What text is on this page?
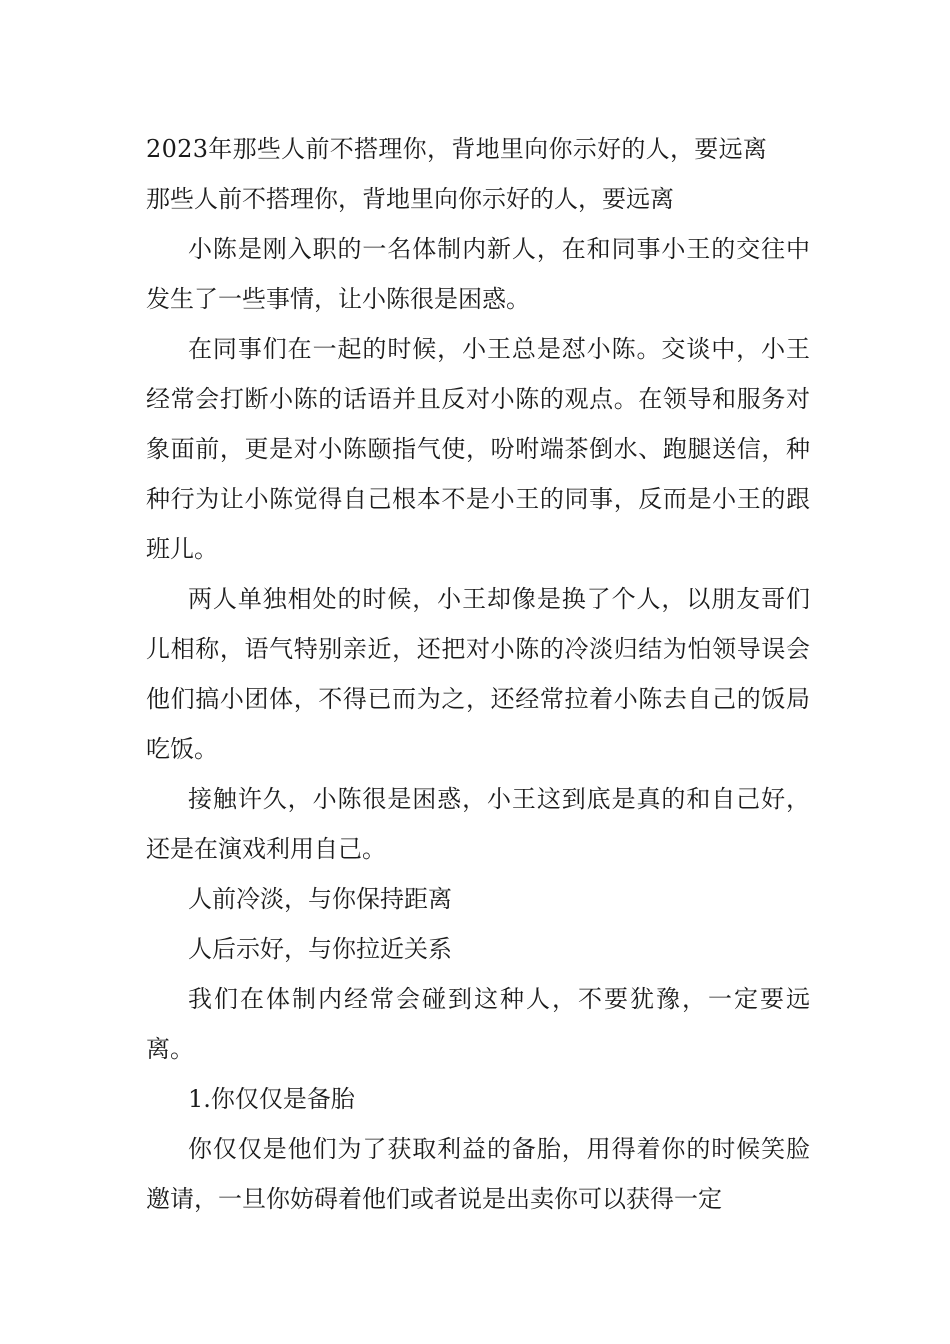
2023年那些人前不搭理你，背地里向你示好的人，要远离

那些人前不搭理你，背地里向你示好的人，要远离

小陈是刚入职的一名体制内新人，在和同事小王的交往中发生了一些事情，让小陈很是困惑。

在同事们在一起的时候，小王总是怼小陈。交谈中，小王经常会打断小陈的话语并且反对小陈的观点。在领导和服务对象面前，更是对小陈颐指气使，吩咐端茶倒水、跑腿送信，种种行为让小陈觉得自己根本不是小王的同事，反而是小王的跟班儿。

两人单独相处的时候，小王却像是换了个人，以朋友哥们儿相称，语气特别亲近，还把对小陈的冷淡归结为怕领导误会他们搞小团体，不得已而为之，还经常拉着小陈去自己的饭局吃饭。

接触许久，小陈很是困惑，小王这到底是真的和自己好，还是在演戏利用自己。

人前冷淡，与你保持距离

人后示好，与你拉近关系

我们在体制内经常会碰到这种人，不要犹豫，一定要远离。

1.你仅仅是备胎

你仅仅是他们为了获取利益的备胎，用得着你的时候笑脸邀请，一旦你妨碍着他们或者说是出卖你可以获得一定
